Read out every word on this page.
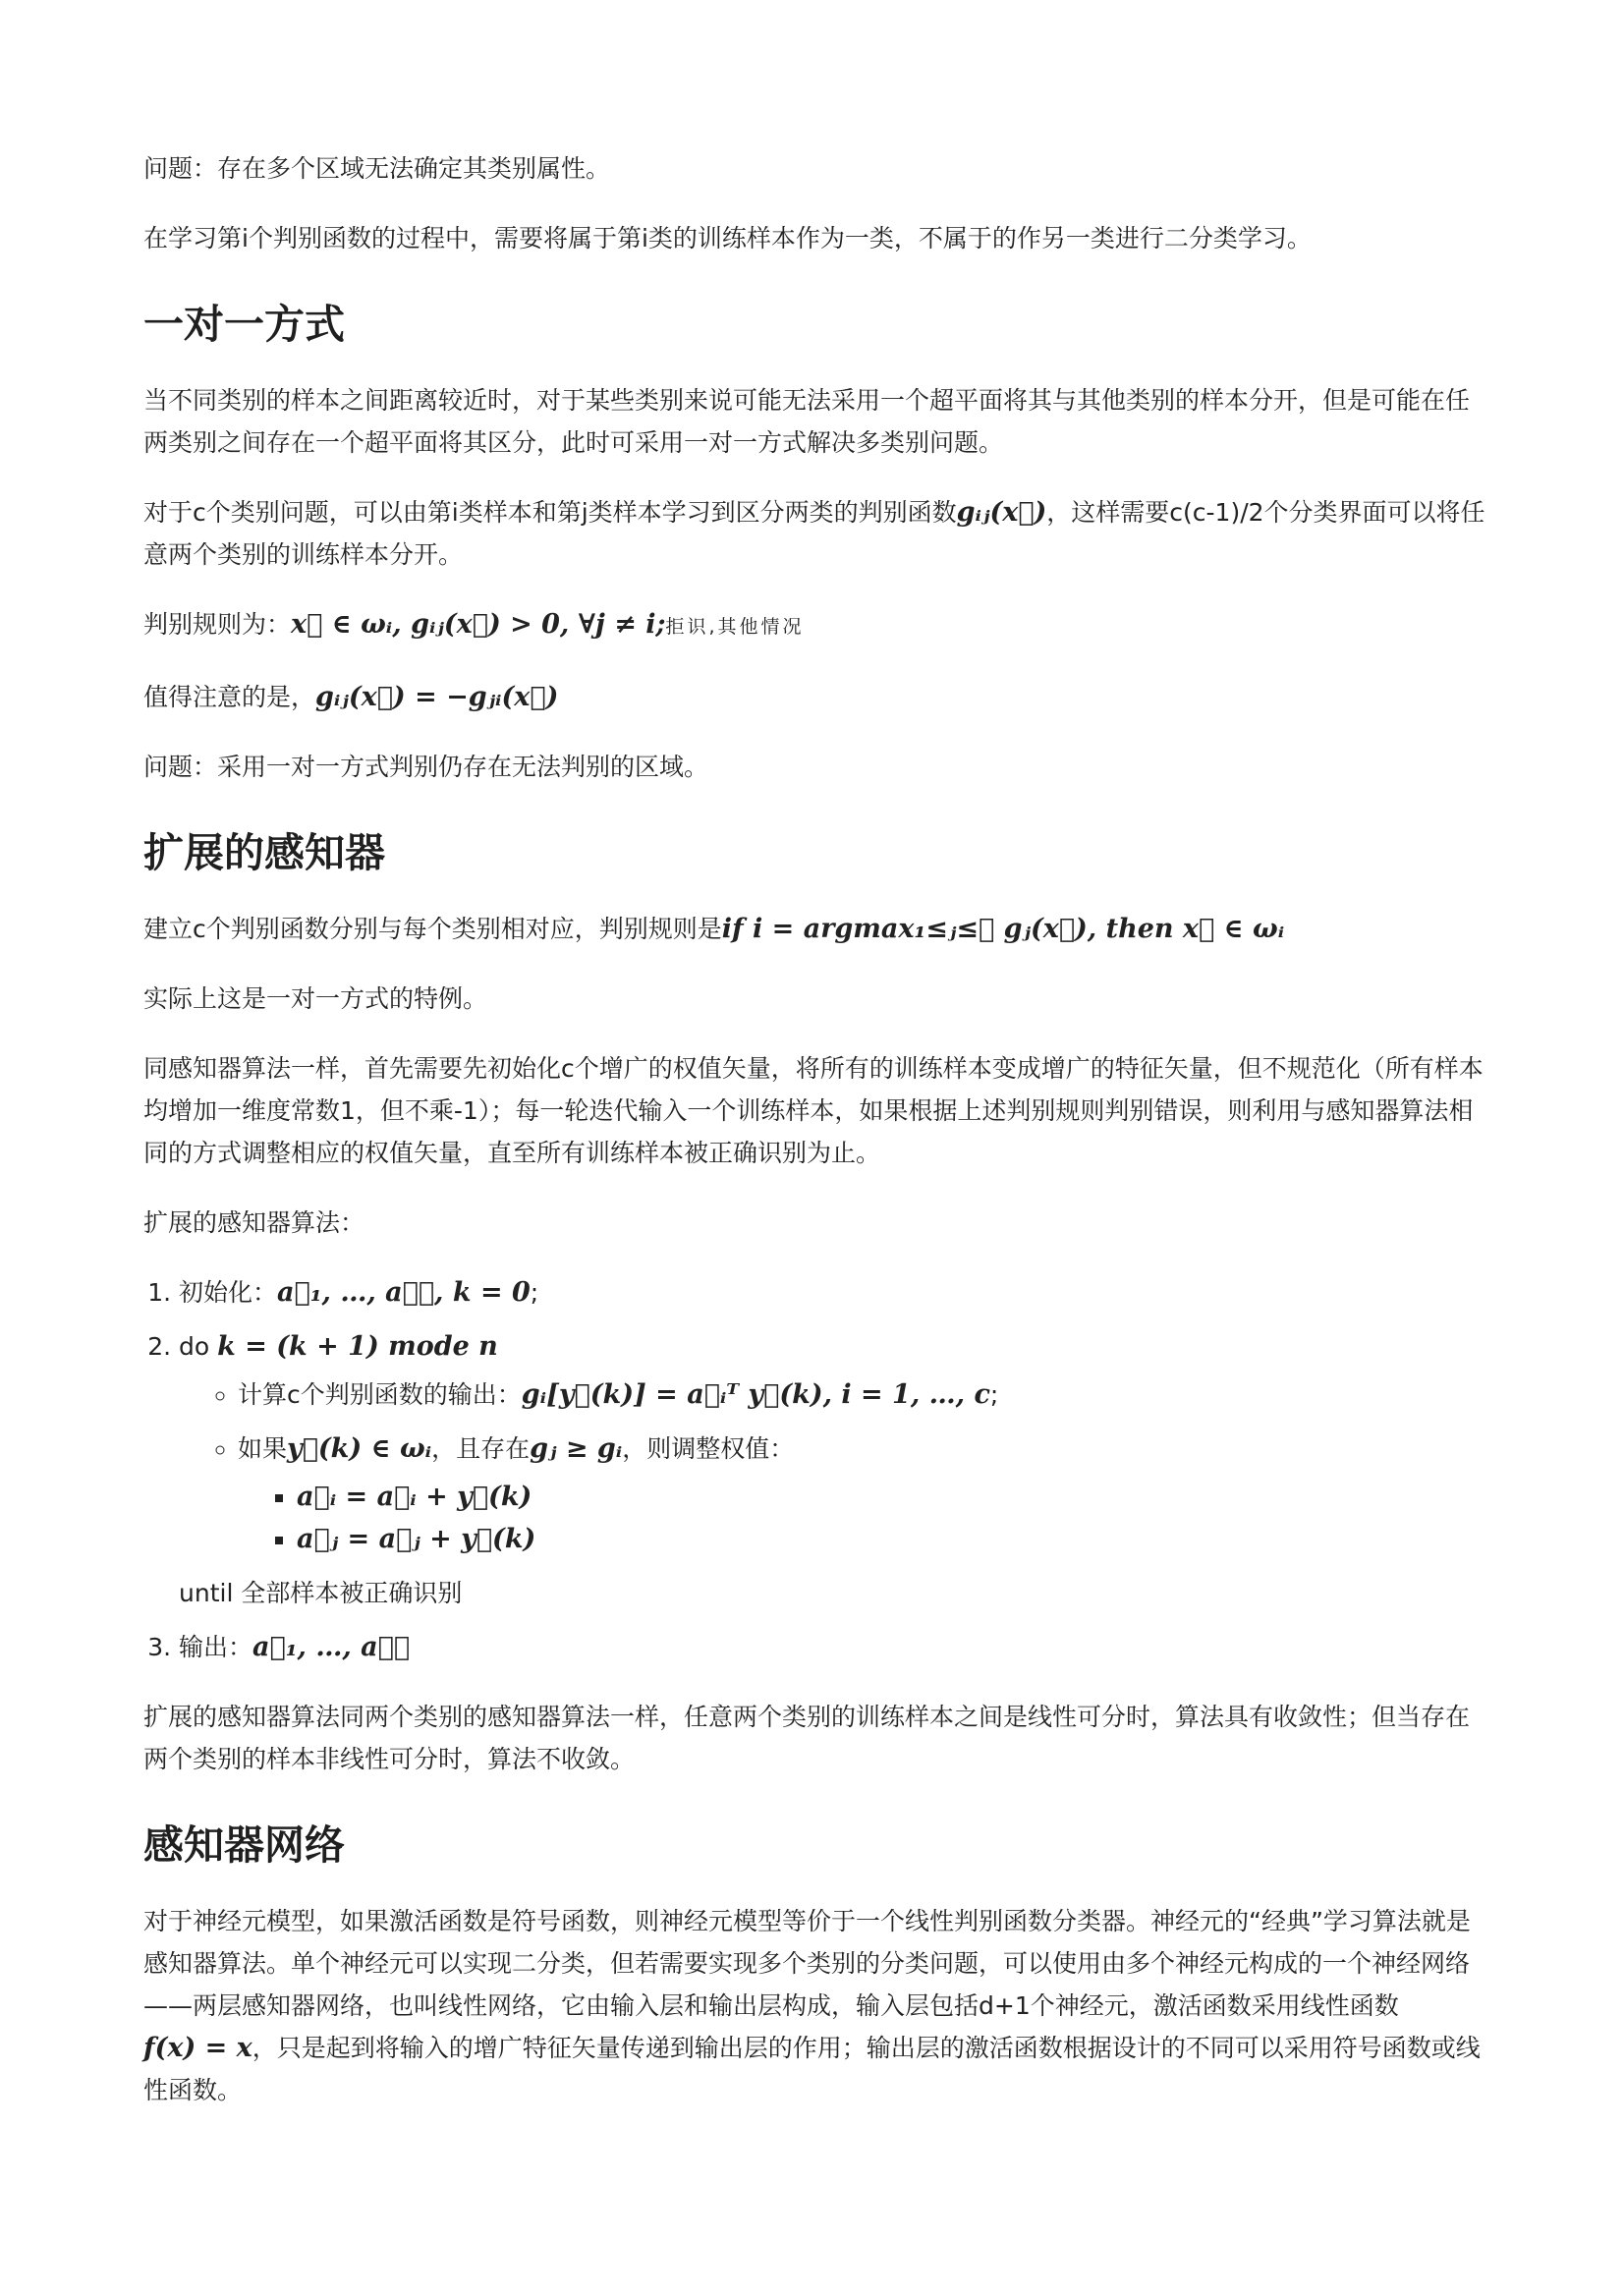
问题：存在多个区域无法确定其类别属性。

在学习第i个判别函数的过程中，需要将属于第i类的训练样本作为一类，不属于的作另一类进行二分类学习。

一对一方式

当不同类别的样本之间距离较近时，对于某些类别来说可能无法采用一个超平面将其与其他类别的样本分开，但是可能在任两类别之间存在一个超平面将其区分，此时可采用一对一方式解决多类别问题。

对于c个类别问题，可以由第i类样本和第j类样本学习到区分两类的判别函数gᵢⱼ(x⃗)，这样需要c(c-1)/2个分类界面可以将任意两个类别的训练样本分开。

判别规则为：x⃗ ∈ ωᵢ, gᵢⱼ(x⃗) > 0, ∀j ≠ i;拒识,其他情况

值得注意的是，gᵢⱼ(x⃗) = −gⱼᵢ(x⃗)

问题：采用一对一方式判别仍存在无法判别的区域。

扩展的感知器

建立c个判别函数分别与每个类别相对应，判别规则是if i = argmax₁≤ⱼ≤꜀ gⱼ(x⃗), then x⃗ ∈ ωᵢ

实际上这是一对一方式的特例。

同感知器算法一样，首先需要先初始化c个增广的权值矢量，将所有的训练样本变成增广的特征矢量，但不规范化（所有样本均增加一维度常数1，但不乘-1）；每一轮迭代输入一个训练样本，如果根据上述判别规则判别错误，则利用与感知器算法相同的方式调整相应的权值矢量，直至所有训练样本被正确识别为止。

扩展的感知器算法：

1. 初始化：a⃗₁, …, a⃗꜀, k = 0;
2. do k = (k + 1) mode n
◦ 计算c个判别函数的输出：gᵢ[y⃗(k)] = a⃗ᵢᵀ y⃗(k), i = 1, …, c;
◦ 如果y⃗(k) ∈ ωᵢ，且存在gⱼ ≥ gᵢ，则调整权值：
▪ a⃗ᵢ = a⃗ᵢ + y⃗(k)
▪ a⃗ⱼ = a⃗ⱼ + y⃗(k)
until 全部样本被正确识别
3. 输出：a⃗₁, …, a⃗꜀

扩展的感知器算法同两个类别的感知器算法一样，任意两个类别的训练样本之间是线性可分时，算法具有收敛性；但当存在两个类别的样本非线性可分时，算法不收敛。

感知器网络

对于神经元模型，如果激活函数是符号函数，则神经元模型等价于一个线性判别函数分类器。神经元的“经典”学习算法就是感知器算法。单个神经元可以实现二分类，但若需要实现多个类别的分类问题，可以使用由多个神经元构成的一个神经网络——两层感知器网络，也叫线性网络，它由输入层和输出层构成，输入层包括d+1个神经元，激活函数采用线性函数f(x) = x，只是起到将输入的增广特征矢量传递到输出层的作用；输出层的激活函数根据设计的不同可以采用符号函数或线性函数。
